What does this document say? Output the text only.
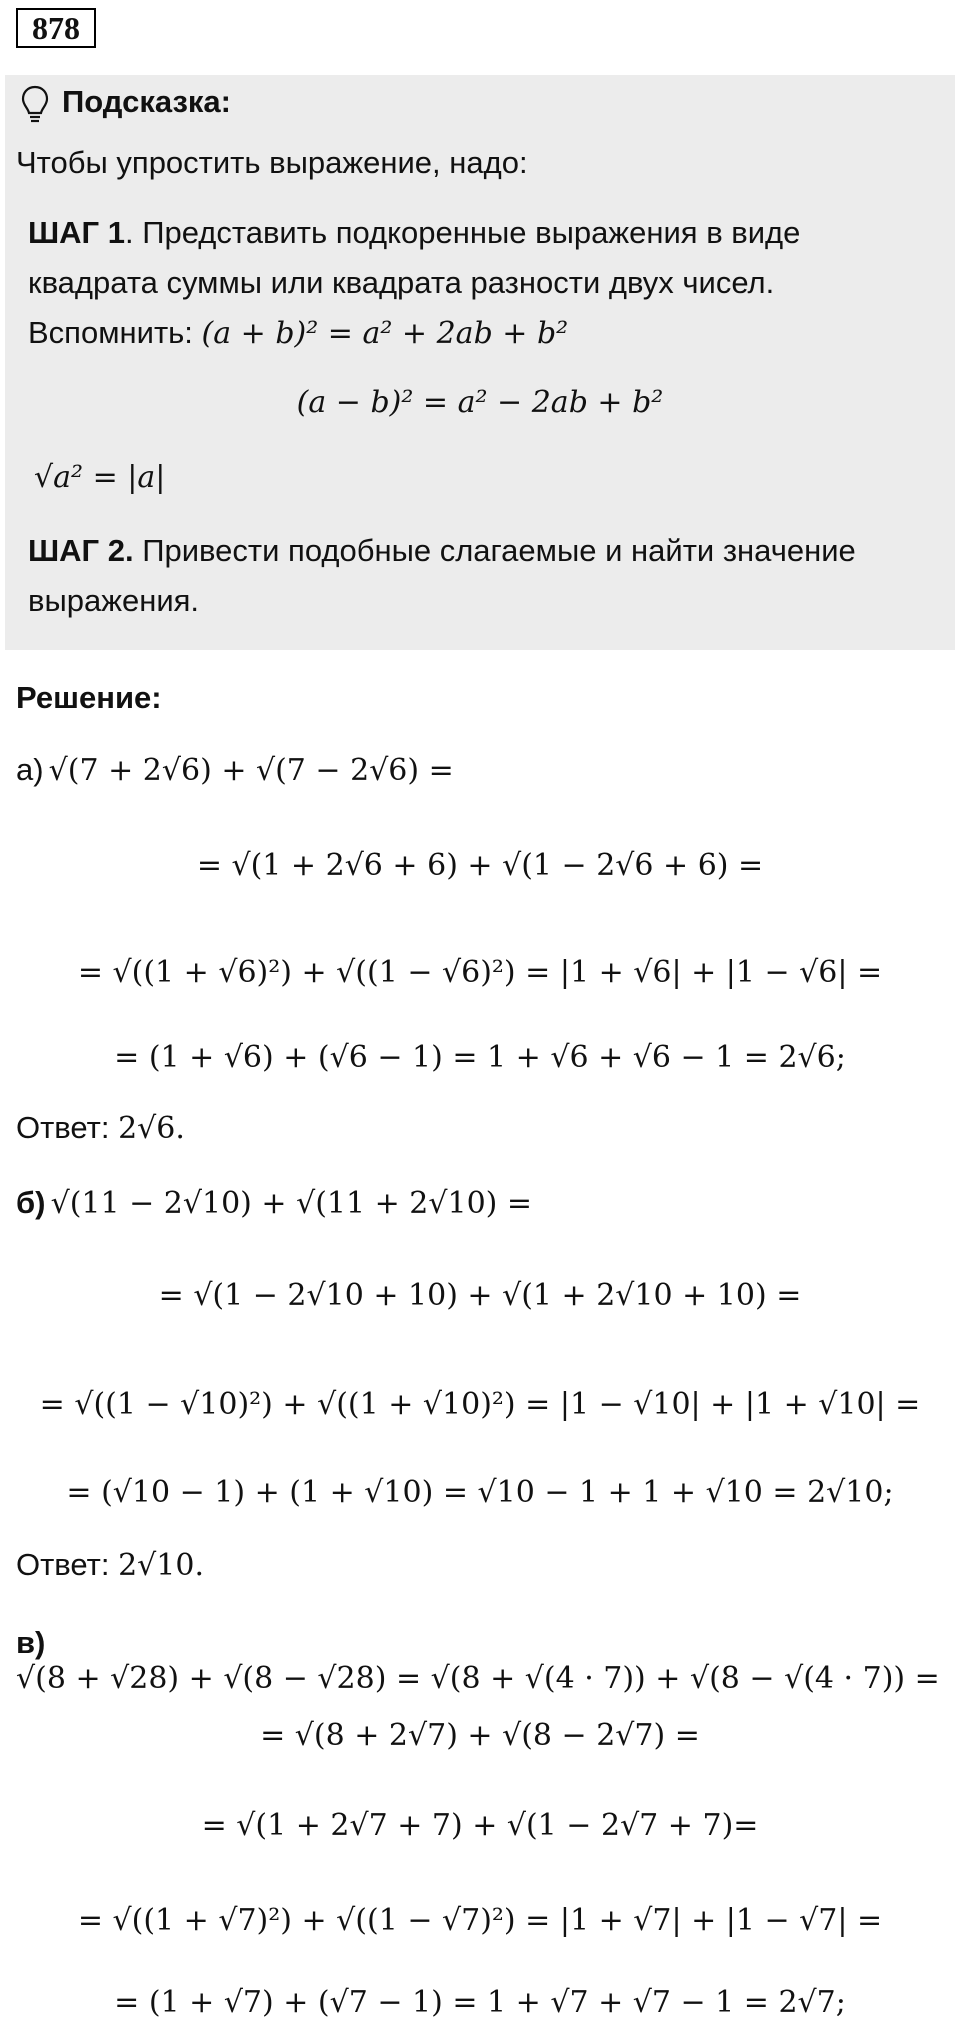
878
Подсказка:
Чтобы упростить выражение, надо:
ШАГ 1. Представить подкоренные выражения в виде
квадрата суммы или квадрата разности двух чисел.
Вспомнить: (a + b)² = a² + 2ab + b²
(a − b)² = a² − 2ab + b²
√a² = |a|
ШАГ 2. Привести подобные слагаемые и найти значение
выражения.
Решение:
а) √(7 + 2√6) + √(7 − 2√6) =
= √(1 + 2√6 + 6) + √(1 − 2√6 + 6) =
= √((1 + √6)²) + √((1 − √6)²) = |1 + √6| + |1 − √6| =
= (1 + √6) + (√6 − 1) = 1 + √6 + √6 − 1 = 2√6;
Ответ: 2√6.
б) √(11 − 2√10) + √(11 + 2√10) =
= √(1 − 2√10 + 10) + √(1 + 2√10 + 10) =
= √((1 − √10)²) + √((1 + √10)²) = |1 − √10| + |1 + √10| =
= (√10 − 1) + (1 + √10) = √10 − 1 + 1 + √10 = 2√10;
Ответ: 2√10.
в) √(8 + √28) + √(8 − √28) = √(8 + √(4 · 7)) + √(8 − √(4 · 7)) =
= √(8 + 2√7) + √(8 − 2√7) =
= √(1 + 2√7 + 7) + √(1 − 2√7 + 7)=
= √((1 + √7)²) + √((1 − √7)²) = |1 + √7| + |1 − √7| =
= (1 + √7) + (√7 − 1) = 1 + √7 + √7 − 1 = 2√7;
